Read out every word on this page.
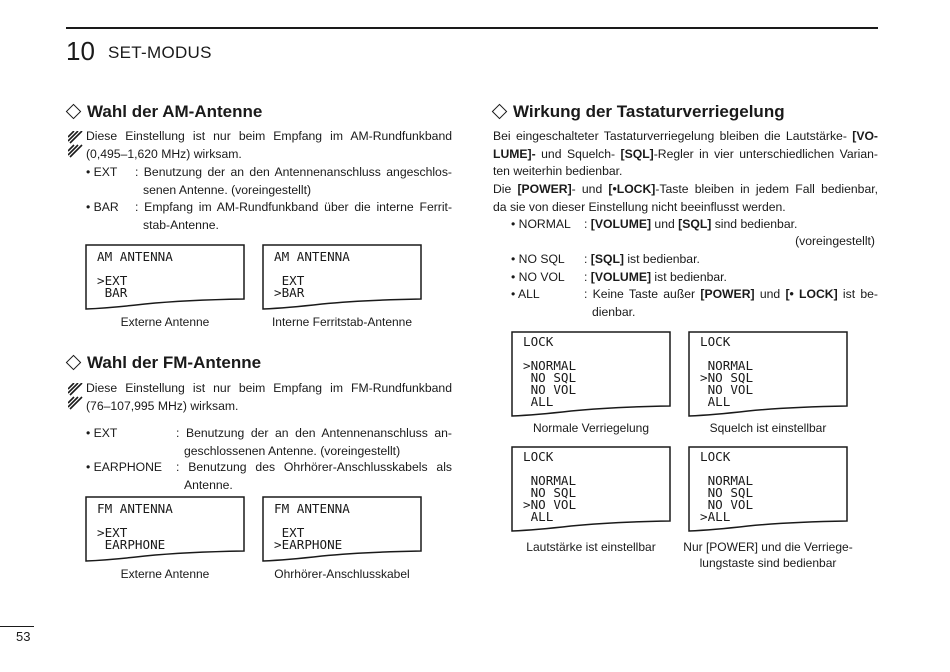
10 SET-MODUS
Wahl der AM-Antenne
Diese Einstellung ist nur beim Empfang im AM-Rundfunkband
(0,495–1,620 MHz) wirksam.
• EXT : Benutzung der an den Antennenanschluss angeschlos-
senen Antenne. (voreingestellt)
• BAR : Empfang im AM-Rundfunkband über die interne Ferrit-
stab-Antenne.
AM ANTENNA
>EXT
BAR
Externe Antenne
AM ANTENNA
EXT
>BAR
Interne Ferritstab-Antenne
Wahl der FM-Antenne
Diese Einstellung ist nur beim Empfang im FM-Rundfunkband
(76–107,995 MHz) wirksam.
• EXT	: Benutzung der an den Antennenanschluss an-
geschlossenen Antenne. (voreingestellt)
• EARPHONE : Benutzung des Ohrhörer-Anschlusskabels als
Antenne.
FM ANTENNA
>EXT
EARPHONE
Externe Antenne
FM ANTENNA
EXT
>EARPHONE
Ohrhörer-Anschlusskabel
Wirkung der Tastaturverriegelung
Bei eingeschalteter Tastaturverriegelung bleiben die Lautstärke- [VO-
LUME]- und Squelch- [SQL]-Regler in vier unterschiedlichen Varian-
ten weiterhin bedienbar.
Die [POWER]- und [•LOCK]-Taste bleiben in jedem Fall bedienbar,
da sie von dieser Einstellung nicht beeinflusst werden.
• NORMAL : [VOLUME] und [SQL] sind bedienbar.
(voreingestellt)
• NO SQL : [SQL] ist bedienbar.
• NO VOL : [VOLUME] ist bedienbar.
• ALL	: Keine Taste außer [POWER] und [• LOCK] ist be-
dienbar.
LOCK
>NORMAL
NO SQL
NO VOL
ALL
Normale Verriegelung
LOCK
NORMAL
>NO SQL
NO VOL
ALL
Squelch ist einstellbar
LOCK
NORMAL
NO SQL
>NO VOL
ALL
Lautstärke ist einstellbar
LOCK
NORMAL
NO SQL
NO VOL
>ALL
Nur [POWER] und die Verriege-
lungstaste sind bedienbar
53
